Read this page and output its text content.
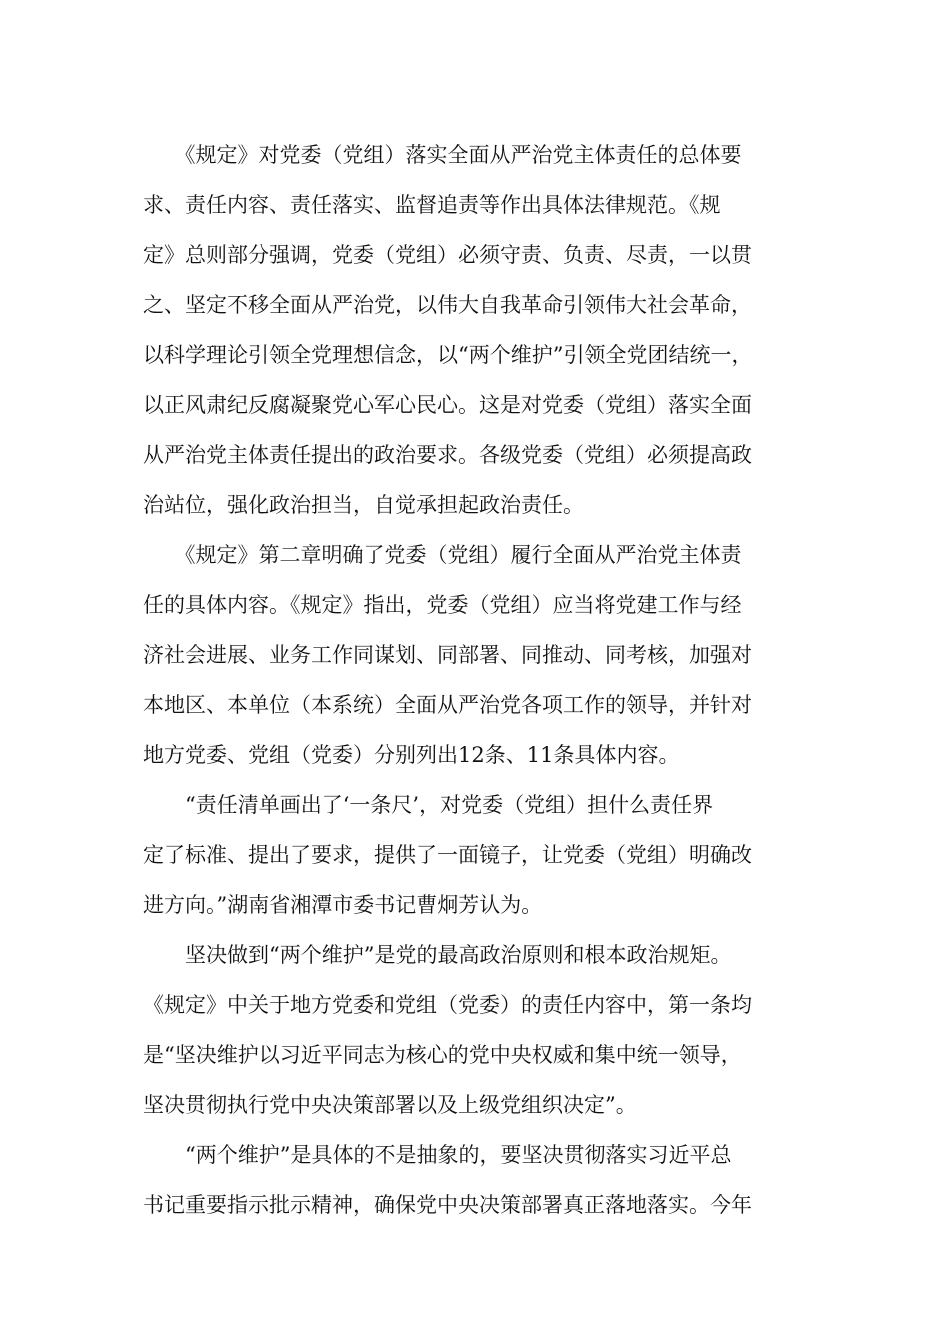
　　《规定》对党委（党组）落实全面从严治党主体责任的总体要
求、责任内容、责任落实、监督追责等作出具体法律规范。《规
定》总则部分强调，党委（党组）必须守责、负责、尽责，一以贯
之、坚定不移全面从严治党，以伟大自我革命引领伟大社会革命，
以科学理论引领全党理想信念，以“两个维护”引领全党团结统一，
以正风肃纪反腐凝聚党心军心民心。这是对党委（党组）落实全面
从严治党主体责任提出的政治要求。各级党委（党组）必须提高政
治站位，强化政治担当，自觉承担起政治责任。
　　《规定》第二章明确了党委（党组）履行全面从严治党主体责
任的具体内容。《规定》指出，党委（党组）应当将党建工作与经
济社会进展、业务工作同谋划、同部署、同推动、同考核，加强对
本地区、本单位（本系统）全面从严治党各项工作的领导，并针对
地方党委、党组（党委）分别列出12条、11条具体内容。
　　“责任清单画出了‘一条尺’，对党委（党组）担什么责任界
定了标准、提出了要求，提供了一面镜子，让党委（党组）明确改
进方向。”湖南省湘潭市委书记曹炯芳认为。
　　坚决做到“两个维护”是党的最高政治原则和根本政治规矩。
《规定》中关于地方党委和党组（党委）的责任内容中，第一条均
是“坚决维护以习近平同志为核心的党中央权威和集中统一领导，
坚决贯彻执行党中央决策部署以及上级党组织决定”。
　　“两个维护”是具体的不是抽象的，要坚决贯彻落实习近平总
书记重要指示批示精神，确保党中央决策部署真正落地落实。今年
